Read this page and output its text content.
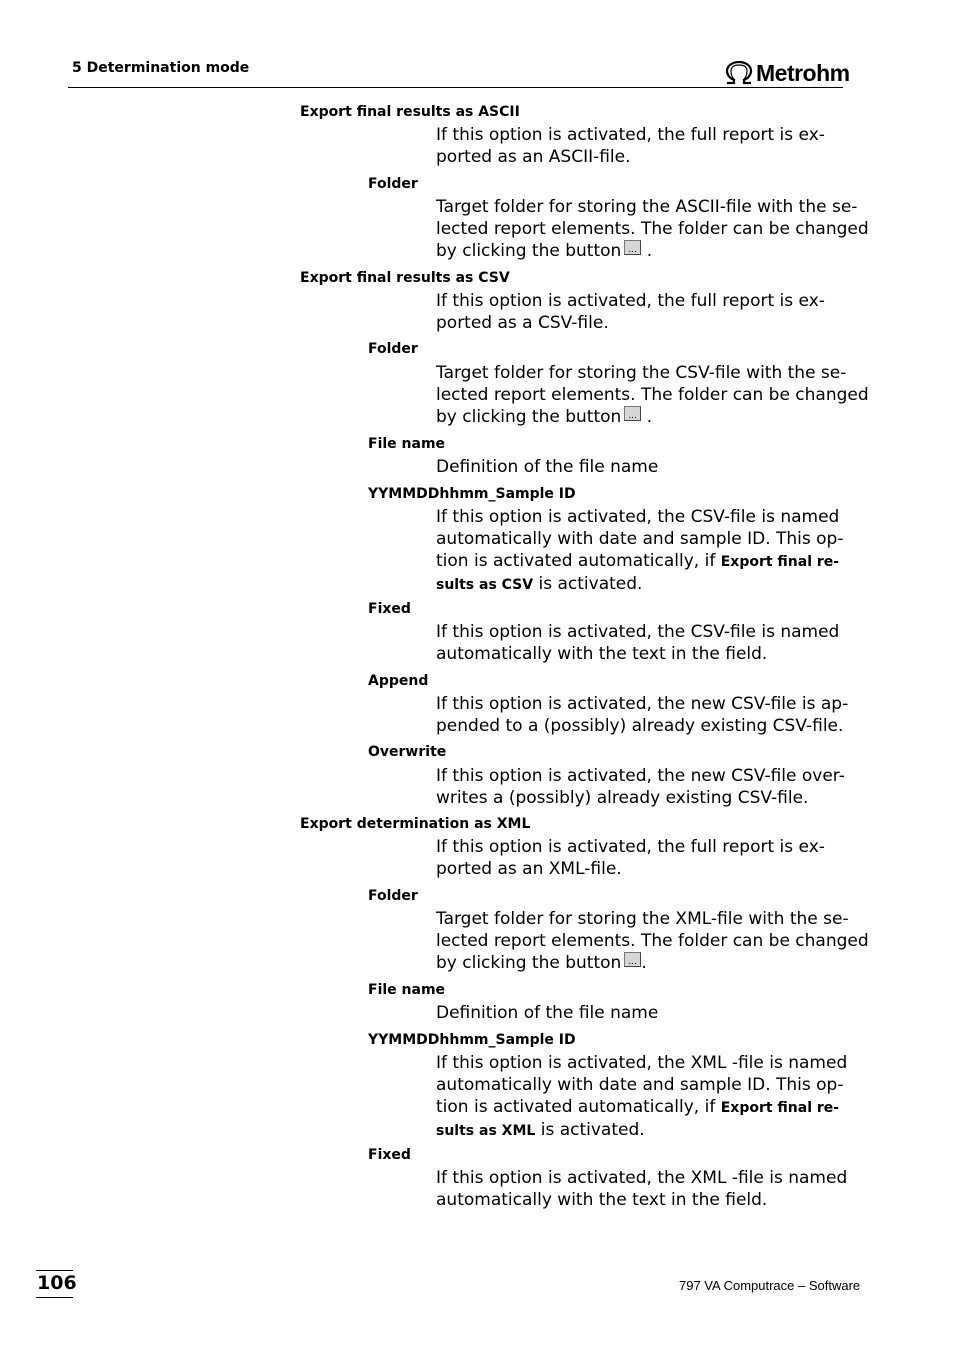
5 Determination mode	Metrohm
Export final results as ASCII
If this option is activated, the full report is ex-
ported as an ASCII-file.
Folder
Target folder for storing the ASCII-file with the se-
lected report elements. The folder can be changed
by clicking the button... .
Export final results as CSV
If this option is activated, the full report is ex-
ported as a CSV-file.
Folder
Target folder for storing the CSV-file with the se-
lected report elements. The folder can be changed
by clicking the button... .
File name
Definition of the file name
YYMMDDhhmm_Sample ID
If this option is activated, the CSV-file is named
automatically with date and sample ID. This op-
tion is activated automatically, if Export final re-
sults as CSV is activated.
Fixed
If this option is activated, the CSV-file is named
automatically with the text in the field.
Append
If this option is activated, the new CSV-file is ap-
pended to a (possibly) already existing CSV-file.
Overwrite
If this option is activated, the new CSV-file over-
writes a (possibly) already existing CSV-file.
Export determination as XML
If this option is activated, the full report is ex-
ported as an XML-file.
Folder
Target folder for storing the XML-file with the se-
lected report elements. The folder can be changed
by clicking the button... .
File name
Definition of the file name
YYMMDDhhmm_Sample ID
If this option is activated, the XML -file is named
automatically with date and sample ID. This op-
tion is activated automatically, if Export final re-
sults as XML is activated.
Fixed
If this option is activated, the XML -file is named
automatically with the text in the field.
106	797 VA Computrace – Software
